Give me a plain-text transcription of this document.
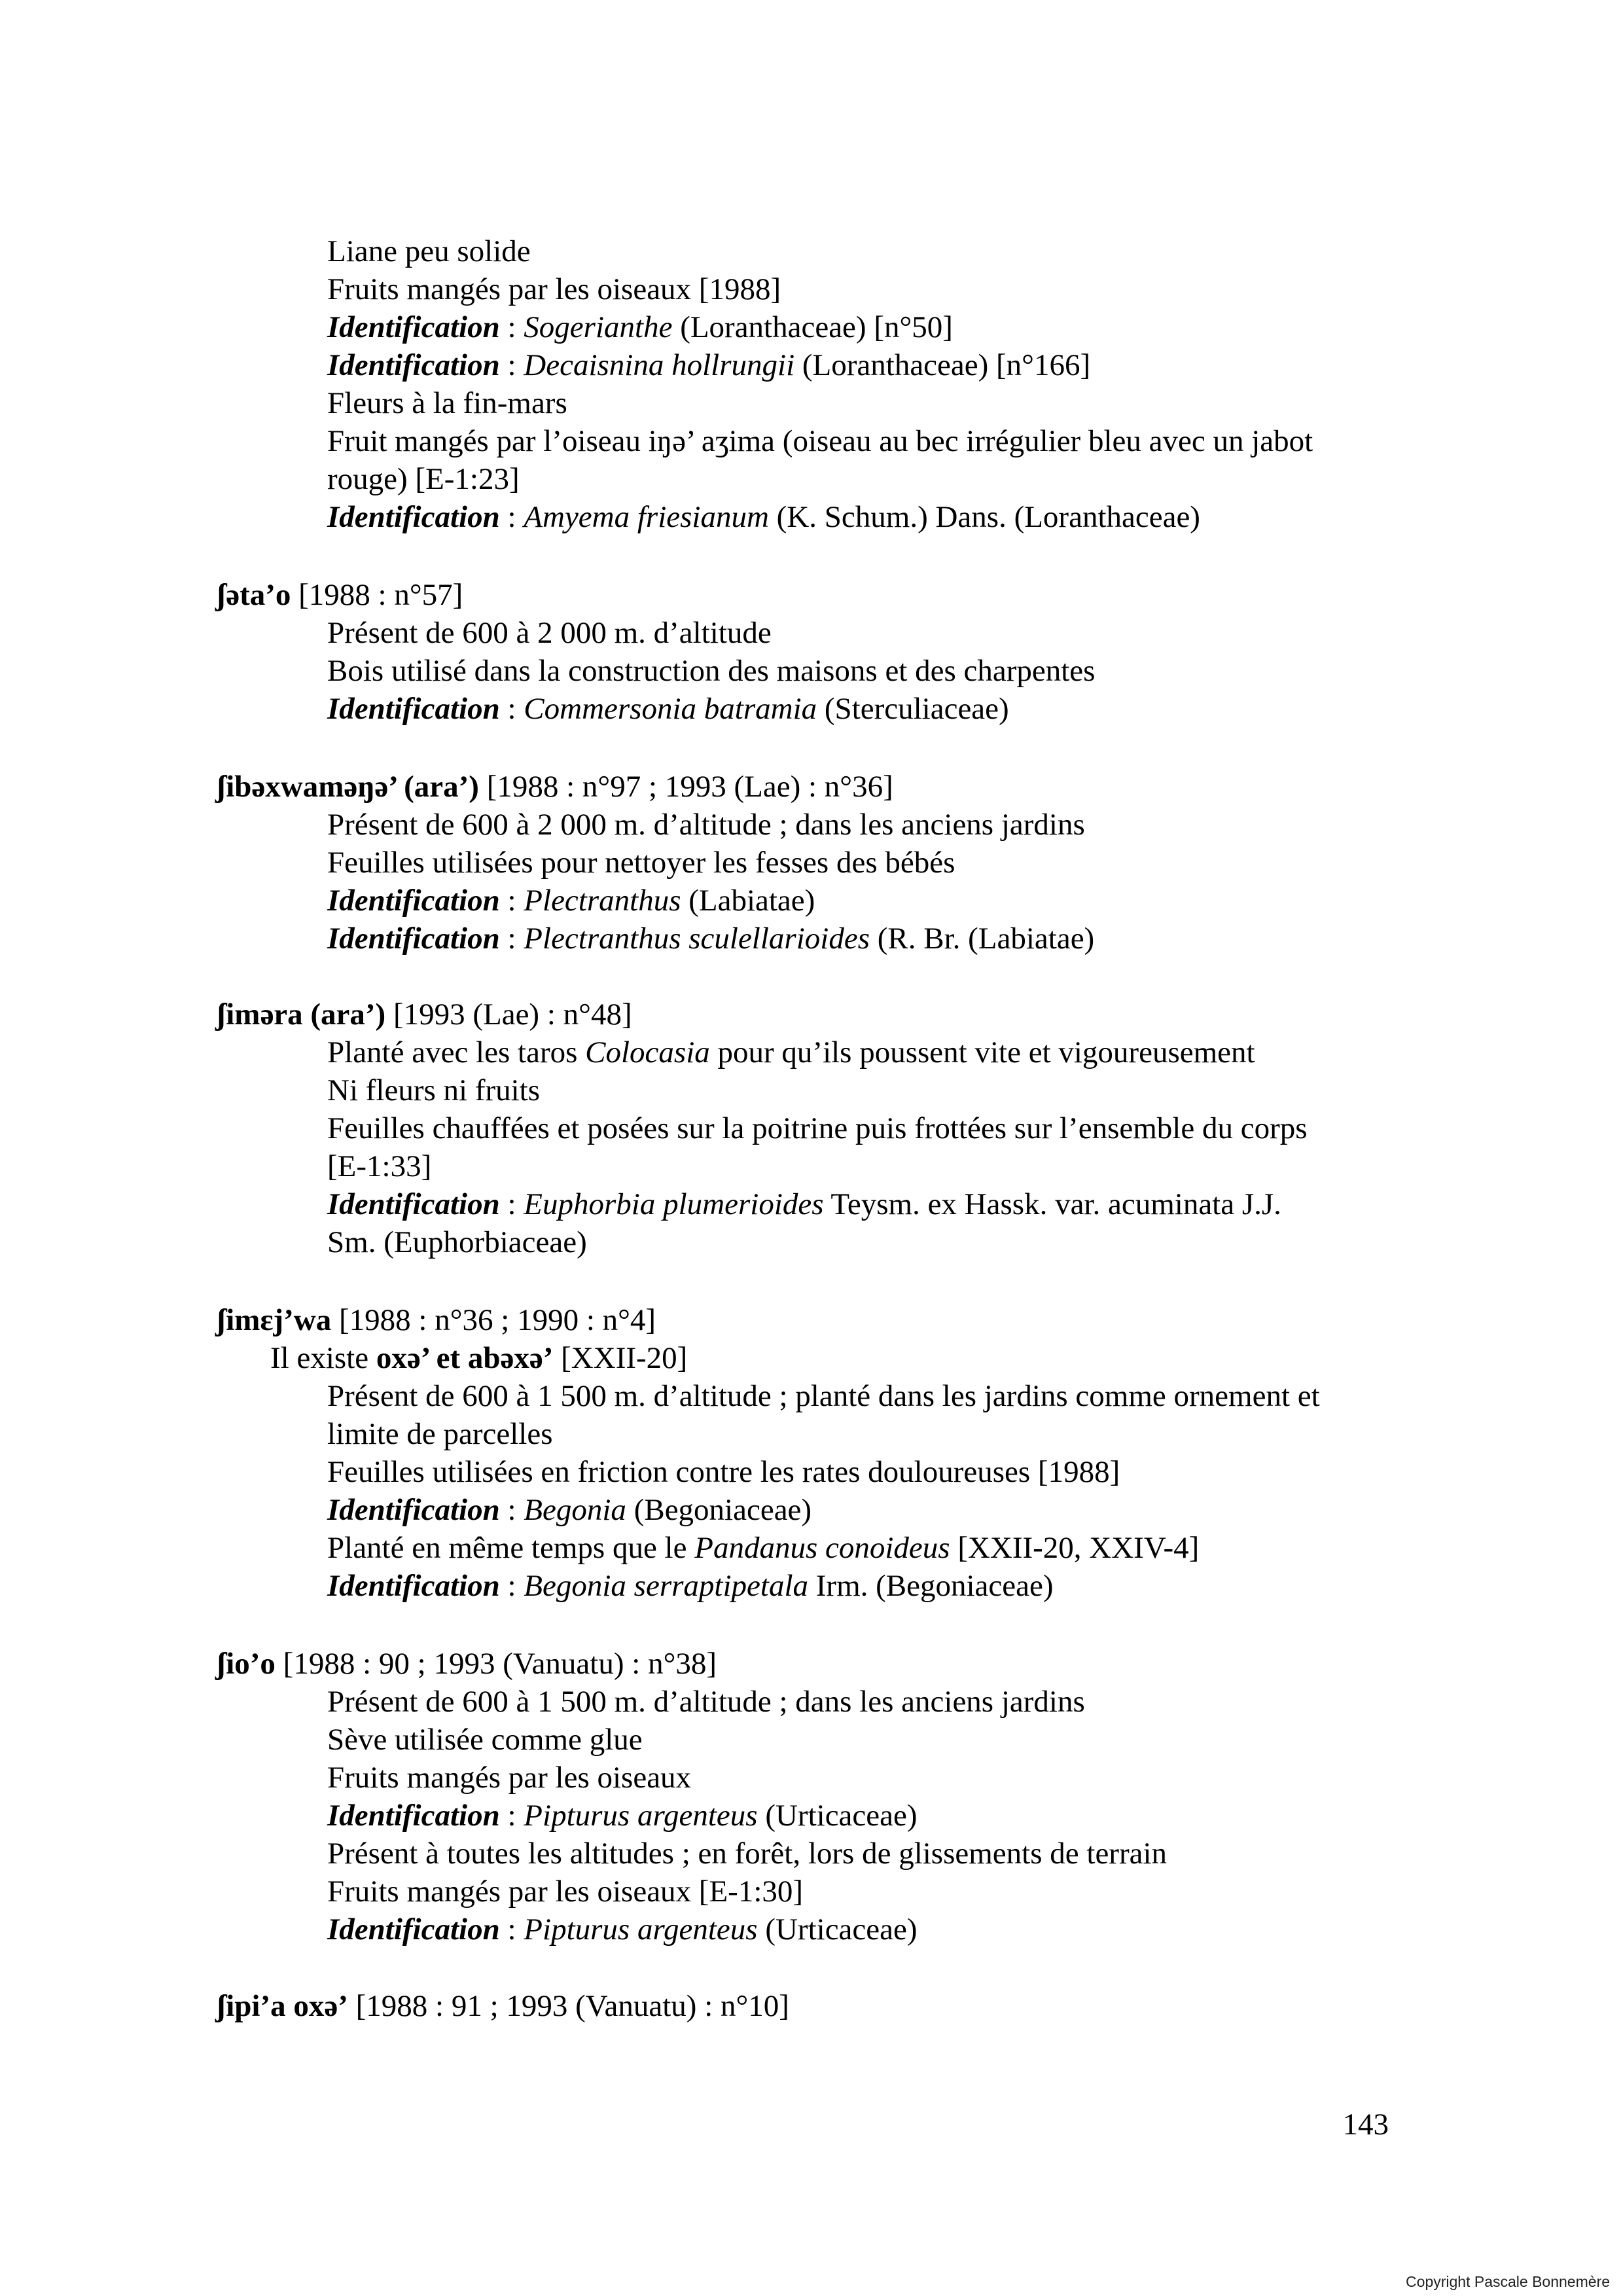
Liane peu solide
Fruits mangés par les oiseaux [1988]
Identification : Sogerianthe (Loranthaceae) [n°50]
Identification : Decaisnina hollrungii (Loranthaceae) [n°166]
Fleurs à la fin-mars
Fruit mangés par l’oiseau iŋə’ aʒima (oiseau au bec irrégulier bleu avec un jabot
rouge) [E-1:23]
Identification : Amyema friesianum (K. Schum.) Dans. (Loranthaceae)
ʃəta’o [1988 : n°57]
Présent de 600 à 2 000 m. d’altitude
Bois utilisé dans la construction des maisons et des charpentes
Identification : Commersonia batramia (Sterculiaceae)
ʃibəxwaməŋə’ (ara’) [1988 : n°97 ; 1993 (Lae) : n°36]
Présent de 600 à 2 000 m. d’altitude ; dans les anciens jardins
Feuilles utilisées pour nettoyer les fesses des bébés
Identification : Plectranthus (Labiatae)
Identification : Plectranthus sculellarioides (R. Br. (Labiatae)
ʃimǝra (ara’) [1993 (Lae) : n°48]
Planté avec les taros Colocasia pour qu’ils poussent vite et vigoureusement
Ni fleurs ni fruits
Feuilles chauffées et posées sur la poitrine puis frottées sur l’ensemble du corps
[E-1:33]
Identification : Euphorbia plumerioides Teysm. ex Hassk. var. acuminata J.J.
Sm. (Euphorbiaceae)
ʃimɛj’wa [1988 : n°36 ; 1990 : n°4]
Il existe oxə’ et abəxə’ [XXII-20]
Présent de 600 à 1 500 m. d’altitude ; planté dans les jardins comme ornement et
limite de parcelles
Feuilles utilisées en friction contre les rates douloureuses [1988]
Identification : Begonia (Begoniaceae)
Planté en même temps que le Pandanus conoideus [XXII-20, XXIV-4]
Identification : Begonia serraptipetala Irm. (Begoniaceae)
ʃio’o [1988 : 90 ; 1993 (Vanuatu) : n°38]
Présent de 600 à 1 500 m. d’altitude ; dans les anciens jardins
Sève utilisée comme glue
Fruits mangés par les oiseaux
Identification : Pipturus argenteus (Urticaceae)
Présent à toutes les altitudes ; en forêt, lors de glissements de terrain
Fruits mangés par les oiseaux [E-1:30]
Identification : Pipturus argenteus (Urticaceae)
ʃipi’a oxə’ [1988 : 91 ; 1993 (Vanuatu) : n°10]
143
Copyright Pascale Bonnemère
